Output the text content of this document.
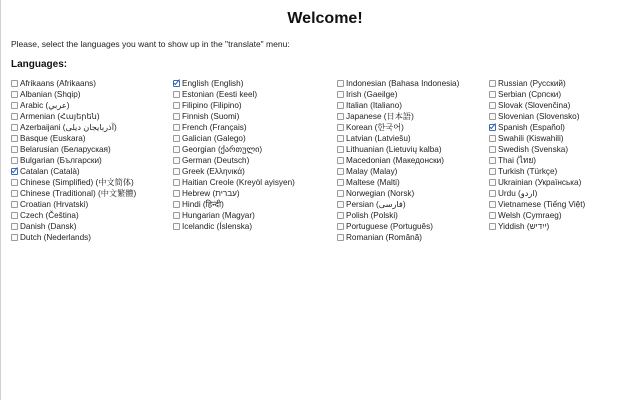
Welcome!
Please, select the languages you want to show up in the "translate" menu:
Languages:
Afrikaans (Afrikaans)
Albanian (Shqip)
Arabic (عربي)
Armenian (Հայերեն)
Azerbaijani (آذربایجان دیلی)
Basque (Euskara)
Belarusian (Беларуская)
Bulgarian (Български)
Catalan (Català)
Chinese (Simplified) (中文简体)
Chinese (Traditional) (中文繁體)
Croatian (Hrvatski)
Czech (Čeština)
Danish (Dansk)
Dutch (Nederlands)
English (English)
Estonian (Eesti keel)
Filipino (Filipino)
Finnish (Suomi)
French (Français)
Galician (Galego)
Georgian (ქართული)
German (Deutsch)
Greek (Ελληνικά)
Haitian Creole (Kreyòl ayisyen)
Hebrew (עברית)
Hindi (हिन्दी)
Hungarian (Magyar)
Icelandic (Íslenska)
Indonesian (Bahasa Indonesia)
Irish (Gaeilge)
Italian (Italiano)
Japanese (日本語)
Korean (한국어)
Latvian (Latviešu)
Lithuanian (Lietuvių kalba)
Macedonian (Македонски)
Malay (Malay)
Maltese (Malti)
Norwegian (Norsk)
Persian (فارسی)
Polish (Polski)
Portuguese (Português)
Romanian (Română)
Russian (Русский)
Serbian (Српски)
Slovak (Slovenčina)
Slovenian (Slovensko)
Spanish (Español)
Swahili (Kiswahili)
Swedish (Svenska)
Thai (ไทย)
Turkish (Türkçe)
Ukrainian (Українська)
Urdu (اردو)
Vietnamese (Tiếng Việt)
Welsh (Cymraeg)
Yiddish (ייִדיש)
